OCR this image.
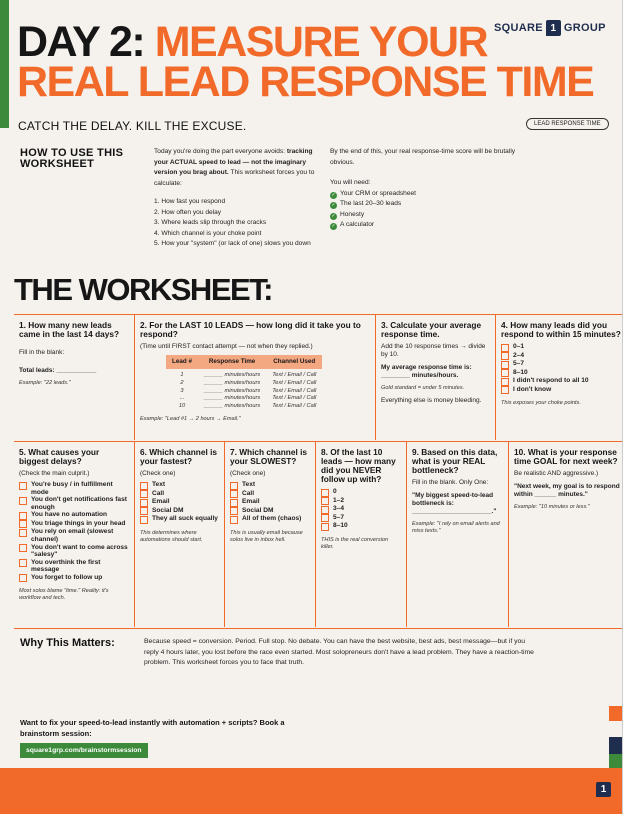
DAY 2: MEASURE YOUR REAL LEAD RESPONSE TIME
SQUARE 1 GROUP
CATCH THE DELAY. KILL THE EXCUSE.	LEAD RESPONSE TIME
HOW TO USE THIS WORKSHEET
Today you're doing the part everyone avoids: tracking your ACTUAL speed to lead — not the imaginary version you brag about. This worksheet forces you to calculate:
1. How fast you respond
2. How often you delay
3. Where leads slip through the cracks
4. Which channel is your choke point
5. How your "system" (or lack of one) slows you down
By the end of this, your real response-time score will be brutally obvious.
You will need:
✓ Your CRM or spreadsheet
✓ The last 20–30 leads
✓ Honesty
✓ A calculator
THE WORKSHEET:
1. How many new leads came in the last 14 days?

Fill in the blank:

Total leads: ___________

Example: "22 leads."

2. For the LAST 10 LEADS — how long did it take you to respond?

(Time until FIRST contact attempt — not when they replied.)

Lead #	Response Time	Channel Used
1	______ minutes/hours	Text / Email / Call
2	______ minutes/hours	Text / Email / Call
3	______ minutes/hours	Text / Email / Call
...	______ minutes/hours	Text / Email / Call
10	______ minutes/hours	Text / Email / Call

Example: "Lead #1 → 2 hours → Email."

3. Calculate your average response time.

Add the 10 response times → divide by 10.

My average response time is: ________ minutes/hours.

Gold standard = under 5 minutes.

Everything else is money bleeding.

4. How many leads did you respond to within 15 minutes?
0–1
2–4
5–7
8–10
I didn't respond to all 10
I don't know

This exposes your choke points.

5. What causes your biggest delays?

(Check the main culprit.)

You're busy / in fulfillment mode
You don't get notifications fast enough
You have no automation
You triage things in your head
You rely on email (slowest channel)
You don't want to come across "salesy"
You overthink the first message
You forget to follow up

Most solos blame "time." Reality: it's workflow and tech.

6. Which channel is your fastest?

(Check one)

Text
Call
Email
Social DM
They all suck equally

This determines where automations should start.

7. Which channel is your SLOWEST?

(Check one)

Text
Call
Email
Social DM
All of them (chaos)

This is usually email because solos live in inbox hell.

8. Of the last 10 leads — how many did you NEVER follow up with?
0
1–2
3–4
5–7
8–10

THIS is the real conversion killer.

9. Based on this data, what is your REAL bottleneck?

Fill in the blank. Only One:

"My biggest speed-to-lead bottleneck is: ______________________."

Example: "I rely on email alerts and miss texts."

10. What is your response time GOAL for next week?

Be realistic AND aggressive.)

"Next week, my goal is to respond within ______ minutes."

Example: "10 minutes or less."

Why This Matters:	Because speed = conversion. Period. Full stop. No debate. You can have the best website, best ads, best message—but if you reply 4 hours later, you lost before the race even started. Most solopreneurs don't have a lead problem. They have a reaction-time problem. This worksheet forces you to face that truth.
Want to fix your speed-to-lead instantly with automation + scripts? Book a brainstorm session:
square1grp.com/brainstormsession
1
